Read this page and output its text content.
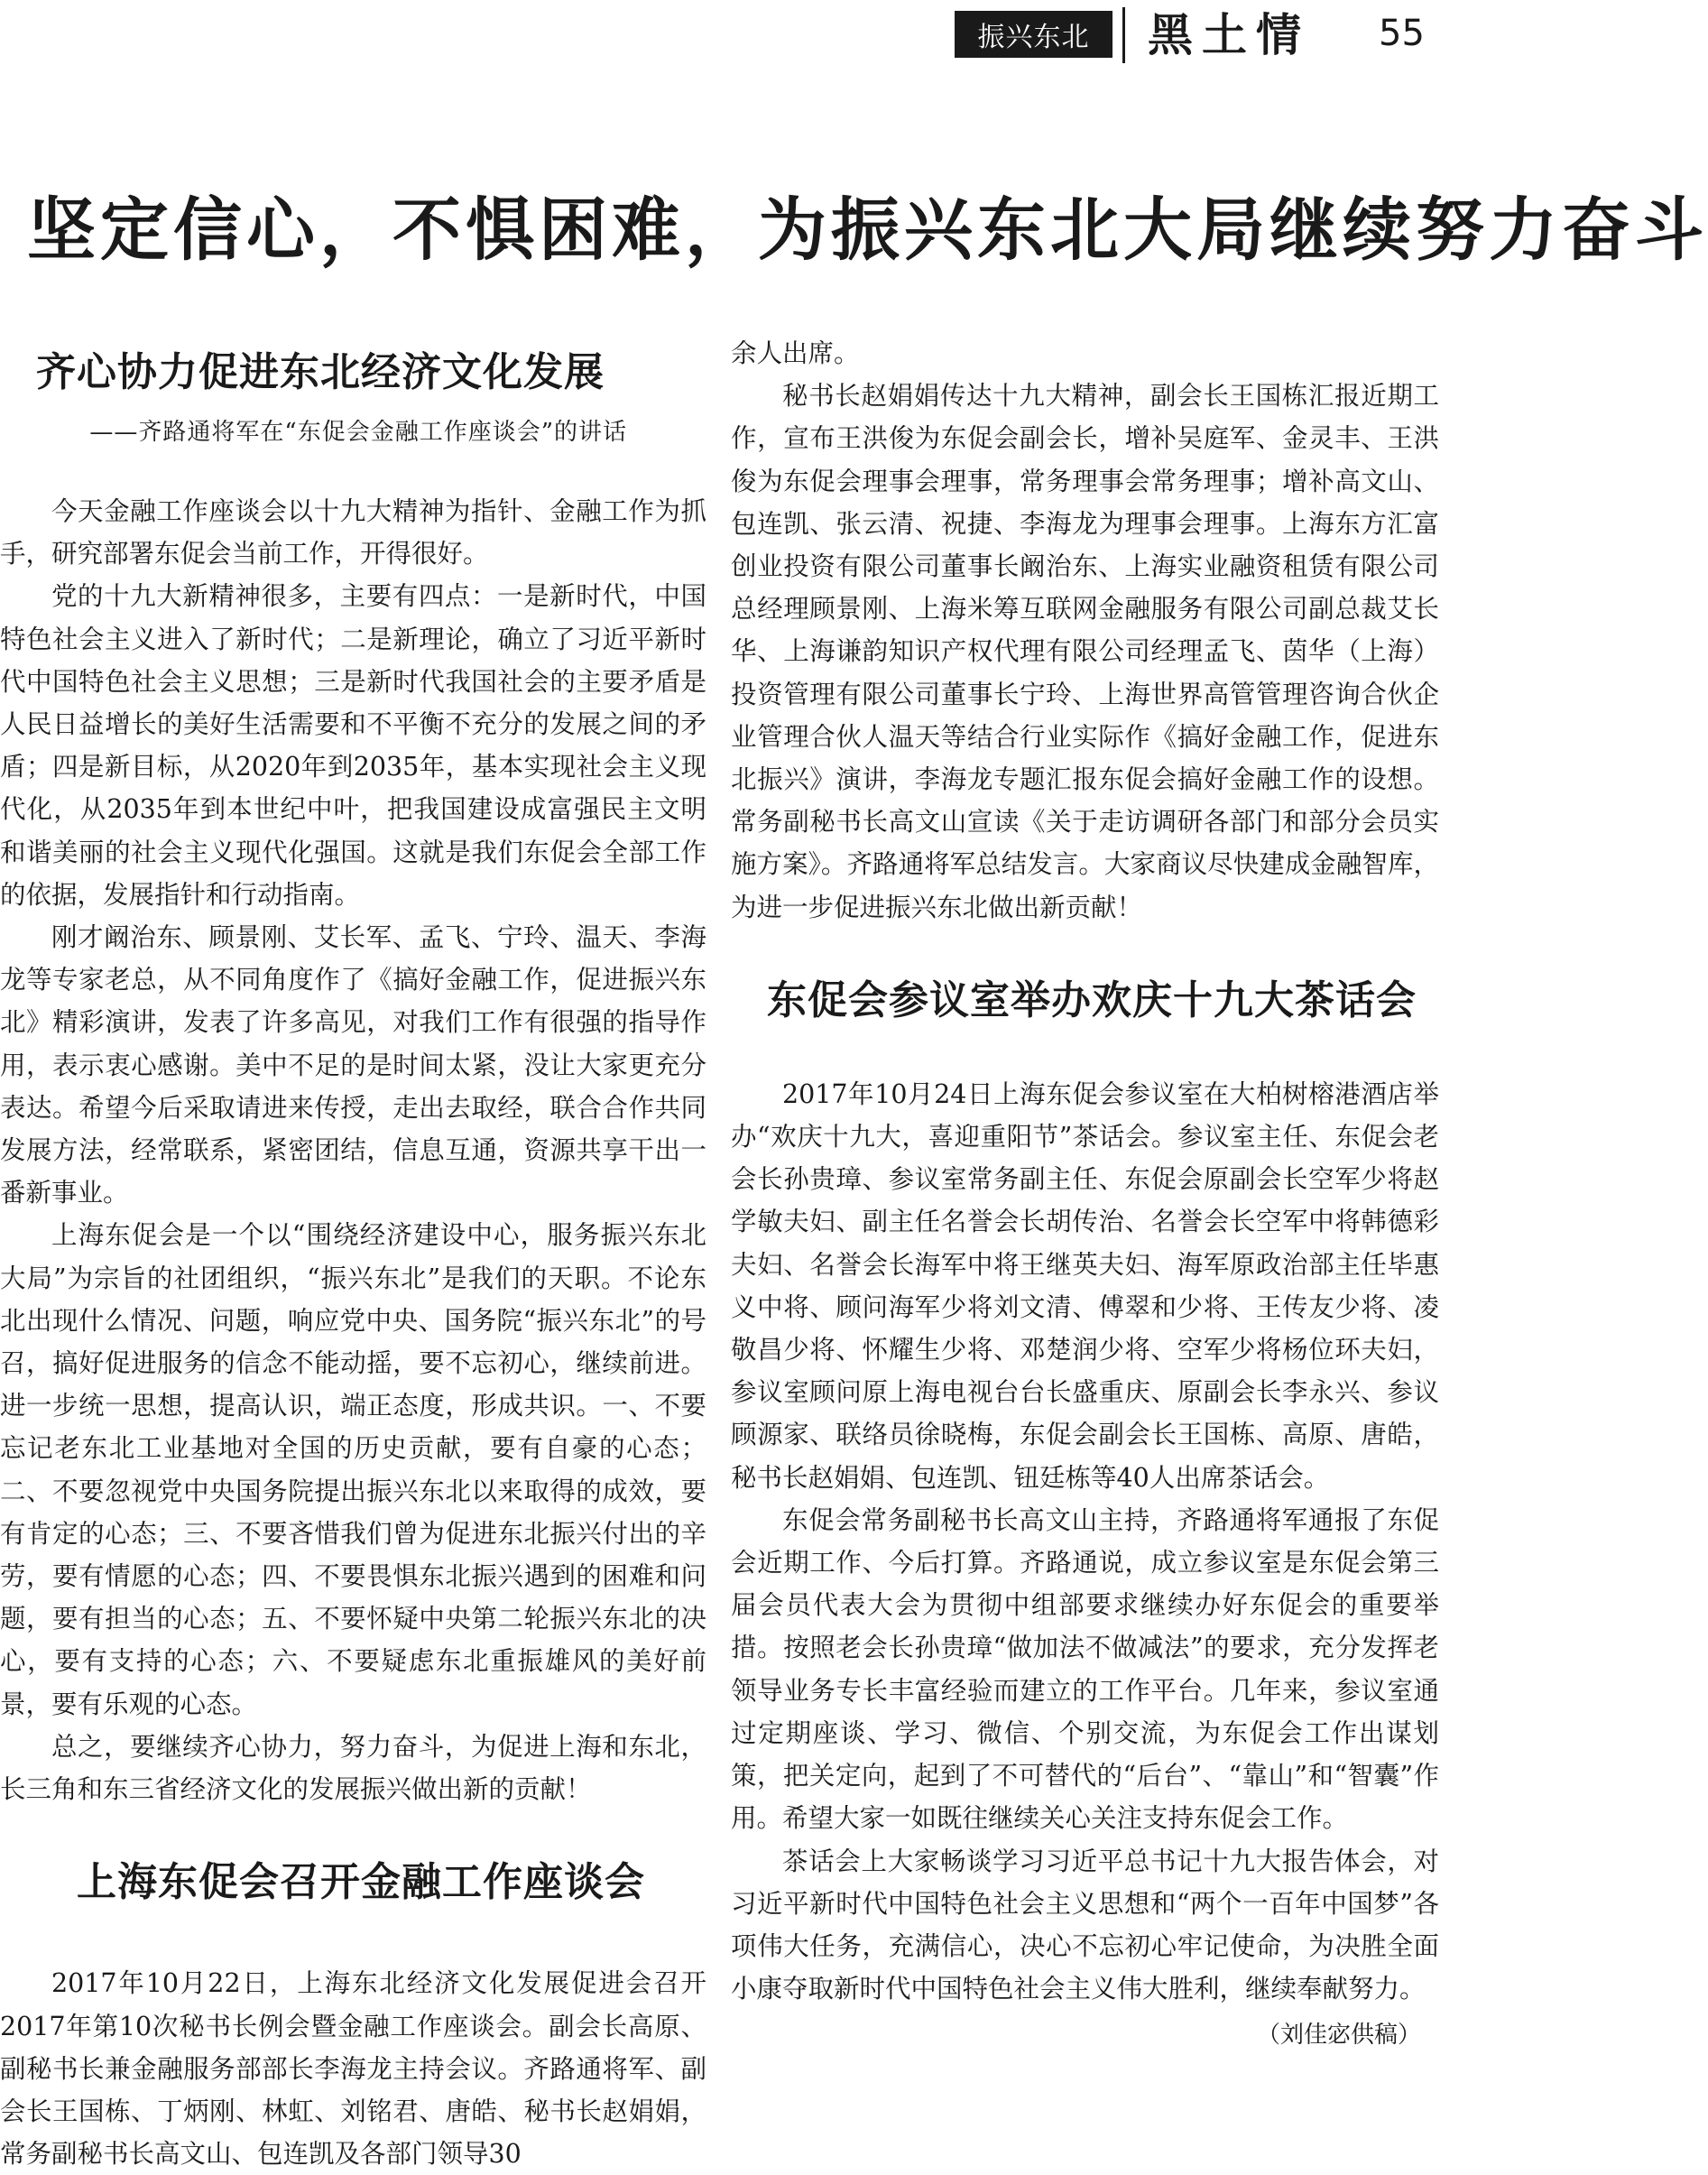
振兴东北	黑土情	55
坚定信心，不惧困难，为振兴东北大局继续努力奋斗
齐心协力促进东北经济文化发展
——齐路通将军在“东促会金融工作座谈会”的讲话

今天金融工作座谈会以十九大精神为指针、金融工作为抓手，研究部署东促会当前工作，开得很好。

党的十九大新精神很多，主要有四点：一是新时代，中国特色社会主义进入了新时代；二是新理论，确立了习近平新时代中国特色社会主义思想；三是新时代我国社会的主要矛盾是人民日益增长的美好生活需要和不平衡不充分的发展之间的矛盾；四是新目标，从2020年到2035年，基本实现社会主义现代化，从2035年到本世纪中叶，把我国建设成富强民主文明和谐美丽的社会主义现代化强国。这就是我们东促会全部工作的依据，发展指针和行动指南。

刚才阚治东、顾景刚、艾长军、孟飞、宁玲、温天、李海龙等专家老总，从不同角度作了《搞好金融工作，促进振兴东北》精彩演讲，发表了许多高见，对我们工作有很强的指导作用，表示衷心感谢。美中不足的是时间太紧，没让大家更充分表达。希望今后采取请进来传授，走出去取经，联合合作共同发展方法，经常联系，紧密团结，信息互通，资源共享干出一番新事业。

上海东促会是一个以“围绕经济建设中心，服务振兴东北大局”为宗旨的社团组织，“振兴东北”是我们的天职。不论东北出现什么情况、问题，响应党中央、国务院“振兴东北”的号召，搞好促进服务的信念不能动摇，要不忘初心，继续前进。进一步统一思想，提高认识，端正态度，形成共识。一、不要忘记老东北工业基地对全国的历史贡献，要有自豪的心态；二、不要忽视党中央国务院提出振兴东北以来取得的成效，要有肯定的心态；三、不要吝惜我们曾为促进东北振兴付出的辛劳，要有情愿的心态；四、不要畏惧东北振兴遇到的困难和问题，要有担当的心态；五、不要怀疑中央第二轮振兴东北的决心，要有支持的心态；六、不要疑虑东北重振雄风的美好前景，要有乐观的心态。

总之，要继续齐心协力，努力奋斗，为促进上海和东北，长三角和东三省经济文化的发展振兴做出新的贡献！

上海东促会召开金融工作座谈会

2017年10月22日，上海东北经济文化发展促进会召开2017年第10次秘书长例会暨金融工作座谈会。副会长高原、副秘书长兼金融服务部部长李海龙主持会议。齐路通将军、副会长王国栋、丁炳刚、林虹、刘铭君、唐皓、秘书长赵娟娟，常务副秘书长高文山、包连凯及各部门领导30

余人出席。

秘书长赵娟娟传达十九大精神，副会长王国栋汇报近期工作，宣布王洪俊为东促会副会长，增补吴庭军、金灵丰、王洪俊为东促会理事会理事，常务理事会常务理事；增补高文山、包连凯、张云清、祝捷、李海龙为理事会理事。上海东方汇富创业投资有限公司董事长阚治东、上海实业融资租赁有限公司总经理顾景刚、上海米筹互联网金融服务有限公司副总裁艾长华、上海谦韵知识产权代理有限公司经理孟飞、茵华（上海）投资管理有限公司董事长宁玲、上海世界高管管理咨询合伙企业管理合伙人温天等结合行业实际作《搞好金融工作，促进东北振兴》演讲，李海龙专题汇报东促会搞好金融工作的设想。常务副秘书长高文山宣读《关于走访调研各部门和部分会员实施方案》。齐路通将军总结发言。大家商议尽快建成金融智库，为进一步促进振兴东北做出新贡献！

东促会参议室举办欢庆十九大茶话会

2017年10月24日上海东促会参议室在大柏树榕港酒店举办“欢庆十九大，喜迎重阳节”茶话会。参议室主任、东促会老会长孙贵璋、参议室常务副主任、东促会原副会长空军少将赵学敏夫妇、副主任名誉会长胡传治、名誉会长空军中将韩德彩夫妇、名誉会长海军中将王继英夫妇、海军原政治部主任毕惠义中将、顾问海军少将刘文清、傅翠和少将、王传友少将、凌敬昌少将、怀耀生少将、邓楚润少将、空军少将杨位环夫妇，参议室顾问原上海电视台台长盛重庆、原副会长李永兴、参议顾源家、联络员徐晓梅，东促会副会长王国栋、高原、唐皓，秘书长赵娟娟、包连凯、钮廷栋等40人出席茶话会。

东促会常务副秘书长高文山主持，齐路通将军通报了东促会近期工作、今后打算。齐路通说，成立参议室是东促会第三届会员代表大会为贯彻中组部要求继续办好东促会的重要举措。按照老会长孙贵璋“做加法不做减法”的要求，充分发挥老领导业务专长丰富经验而建立的工作平台。几年来，参议室通过定期座谈、学习、微信、个别交流，为东促会工作出谋划策，把关定向，起到了不可替代的“后台”、“靠山”和“智囊”作用。希望大家一如既往继续关心关注支持东促会工作。

茶话会上大家畅谈学习习近平总书记十九大报告体会，对习近平新时代中国特色社会主义思想和“两个一百年中国梦”各项伟大任务，充满信心，决心不忘初心牢记使命，为决胜全面小康夺取新时代中国特色社会主义伟大胜利，继续奉献努力。

（刘佳宓供稿）
